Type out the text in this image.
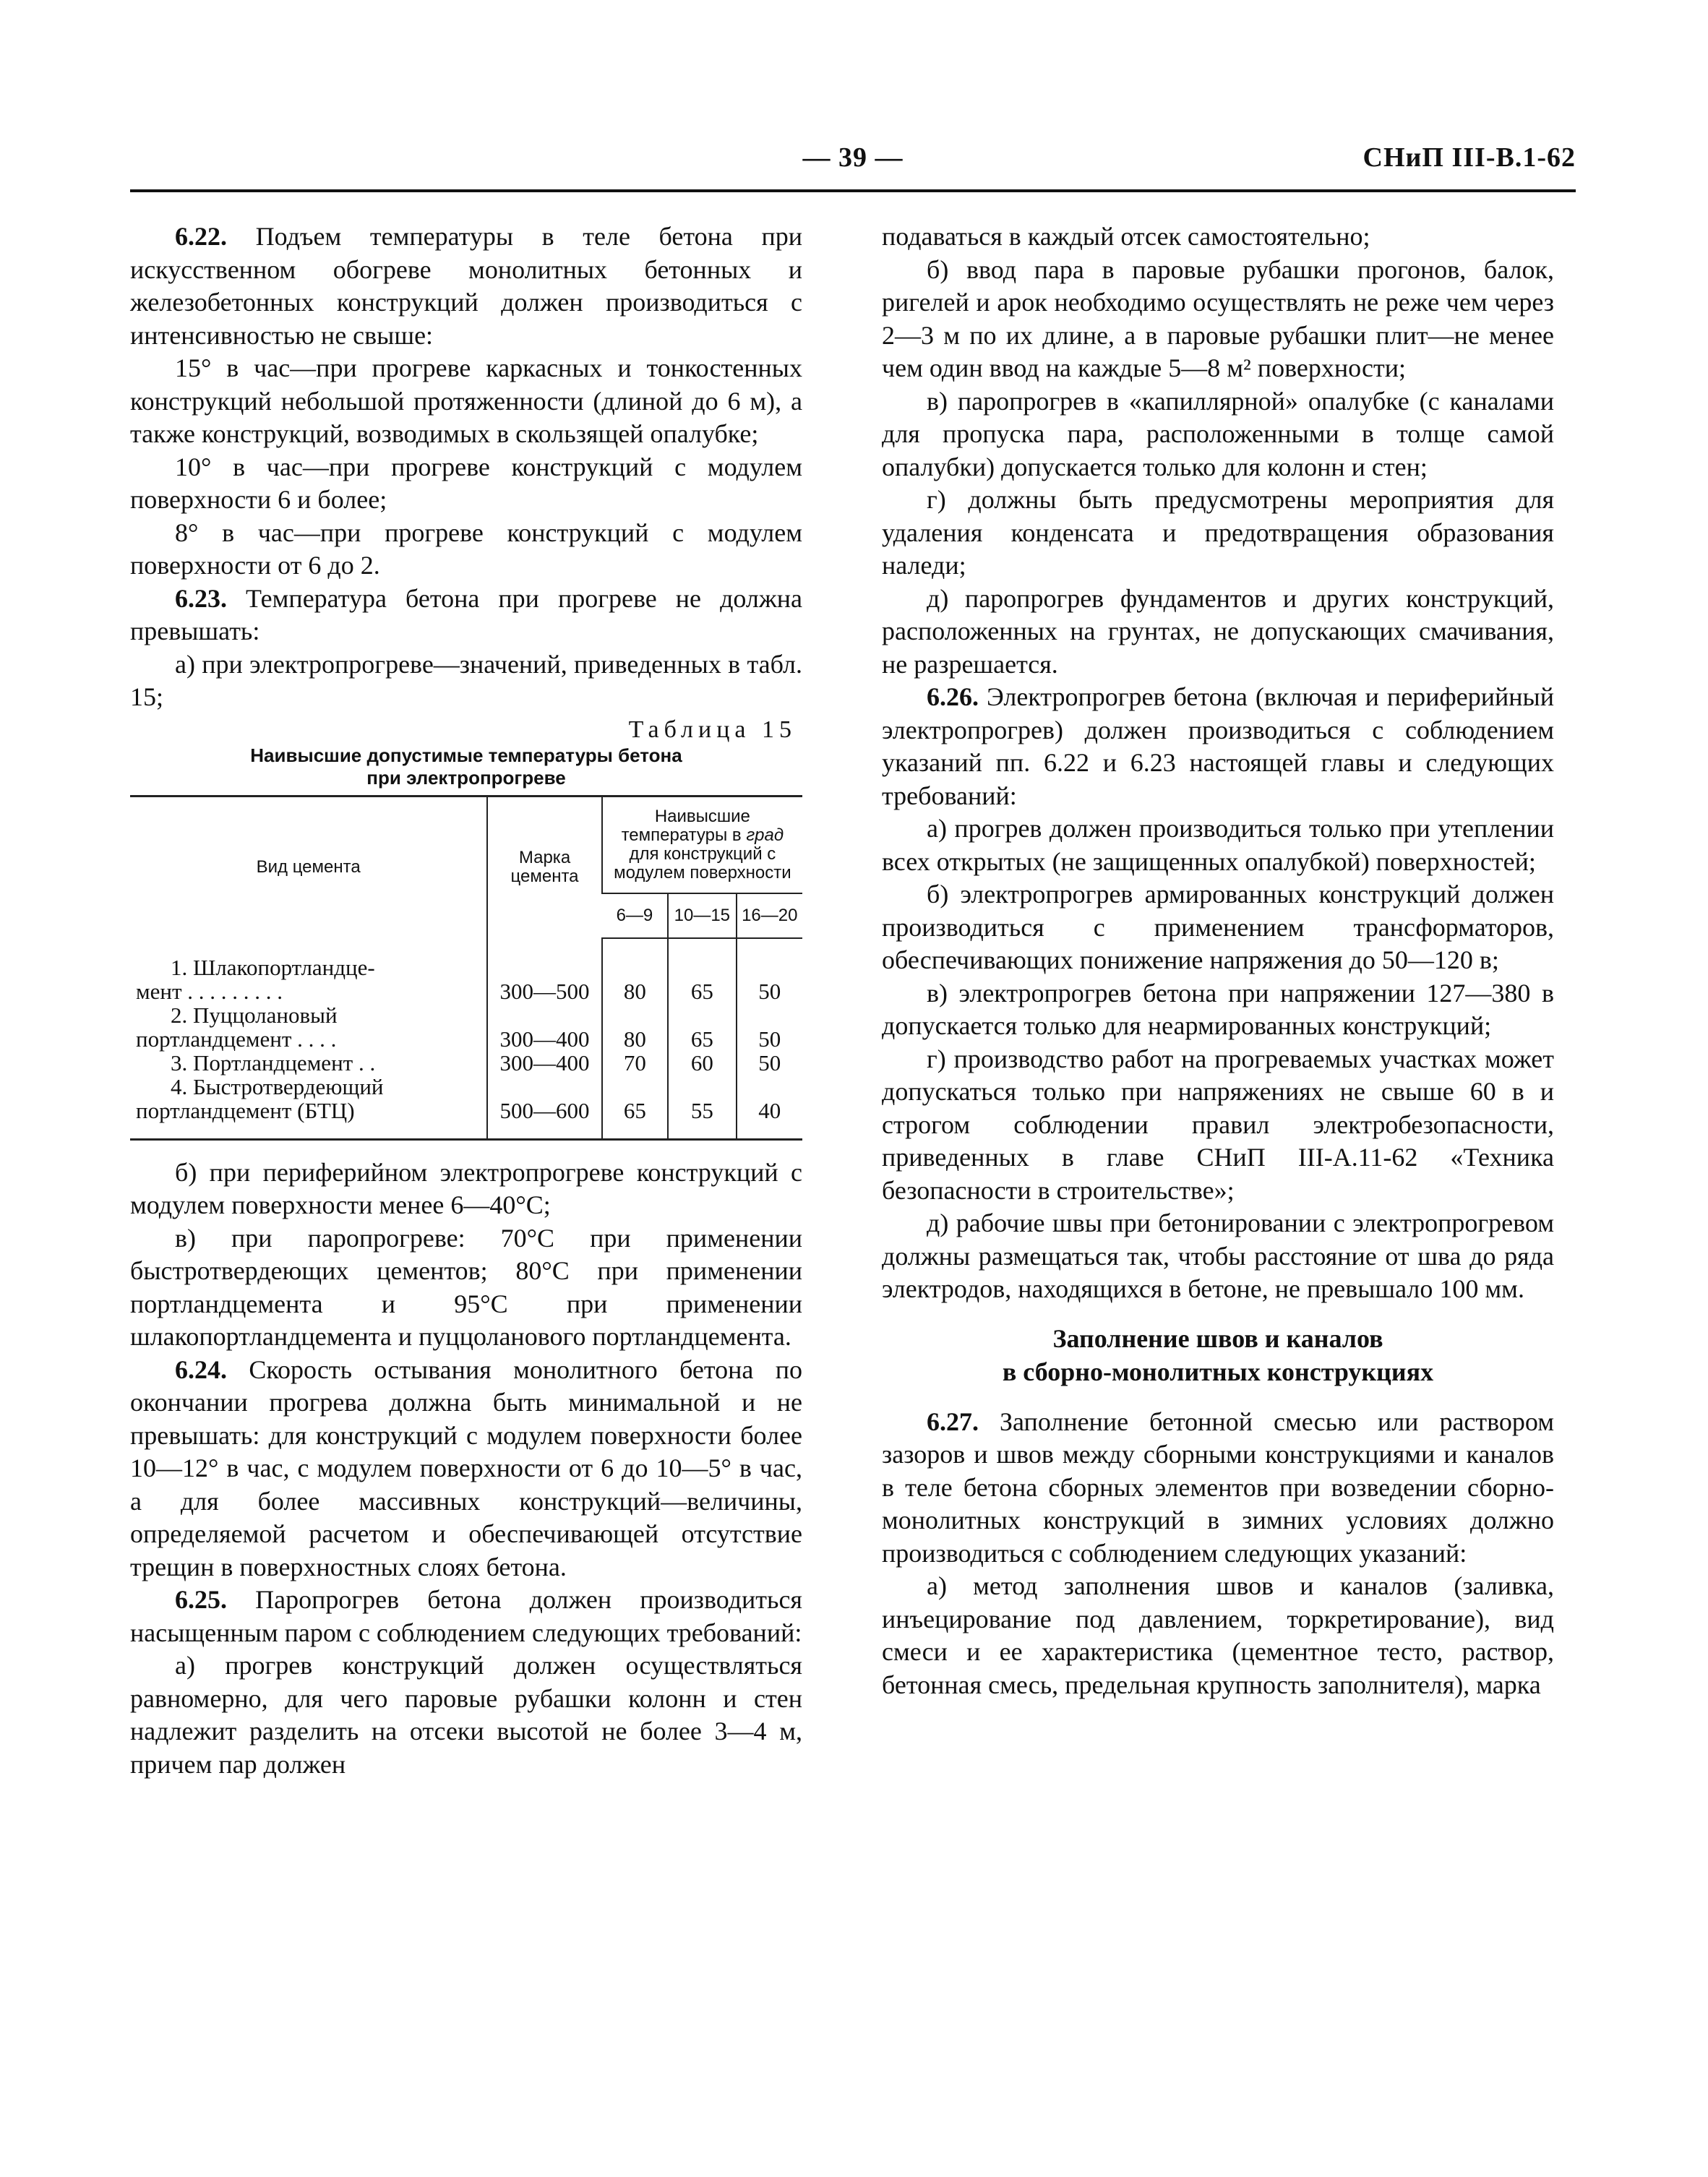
— 39 —	СНиП III-В.1-62

6.22. Подъем температуры в теле бетона при искусственном обогреве монолитных бетонных и железобетонных конструкций должен производиться с интенсивностью не свыше:

15° в час—при прогреве каркасных и тонкостенных конструкций небольшой протяженности (длиной до 6 м), а также конструкций, возводимых в скользящей опалубке;

10° в час—при прогреве конструкций с модулем поверхности 6 и более;

8° в час—при прогреве конструкций с модулем поверхности от 6 до 2.

6.23. Температура бетона при прогреве не должна превышать:

а) при электропрогреве—значений, приведенных в табл. 15;

Таблица 15
Наивысшие допустимые температуры бетона
при электропрогреве
Вид цемента	Марка цемента	Наивысшие температуры в град для конструкций с модулем поверхности		
		6—9	10—15	16—20

1. Шлакопортландце-
мент . . . . . . . . .	300—500	80	65	50

2. Пуццолановый
портландцемент . . . .	300—400	80	65	50

3. Портландцемент . .	300—400	70	60	50

4. Быстротвердеющий
портландцемент (БТЦ)	500—600	65	55	40

б) при периферийном электропрогреве конструкций с модулем поверхности менее 6—40°С;

в) при паропрогреве: 70°С при применении быстротвердеющих цементов; 80°С при применении портландцемента и 95°С при применении шлакопортландцемента и пуццоланового портландцемента.

6.24. Скорость остывания монолитного бетона по окончании прогрева должна быть минимальной и не превышать: для конструкций с модулем поверхности более 10—12° в час, с модулем поверхности от 6 до 10—5° в час, а для более массивных конструкций—величины, определяемой расчетом и обеспечивающей отсутствие трещин в поверхностных слоях бетона.

6.25. Паропрогрев бетона должен производиться насыщенным паром с соблюдением следующих требований:

а) прогрев конструкций должен осуществляться равномерно, для чего паровые рубашки колонн и стен надлежит разделить на отсеки высотой не более 3—4 м, причем пар должен

подаваться в каждый отсек самостоятельно;

б) ввод пара в паровые рубашки прогонов, балок, ригелей и арок необходимо осуществлять не реже чем через 2—3 м по их длине, а в паровые рубашки плит—не менее чем один ввод на каждые 5—8 м² поверхности;

в) паропрогрев в «капиллярной» опалубке (с каналами для пропуска пара, расположенными в толще самой опалубки) допускается только для колонн и стен;

г) должны быть предусмотрены мероприятия для удаления конденсата и предотвращения образования наледи;

д) паропрогрев фундаментов и других конструкций, расположенных на грунтах, не допускающих смачивания, не разрешается.

6.26. Электропрогрев бетона (включая и периферийный электропрогрев) должен производиться с соблюдением указаний пп. 6.22 и 6.23 настоящей главы и следующих требований:

а) прогрев должен производиться только при утеплении всех открытых (не защищенных опалубкой) поверхностей;

б) электропрогрев армированных конструкций должен производиться с применением трансформаторов, обеспечивающих понижение напряжения до 50—120 в;

в) электропрогрев бетона при напряжении 127—380 в допускается только для неармированных конструкций;

г) производство работ на прогреваемых участках может допускаться только при напряжениях не свыше 60 в и строгом соблюдении правил электробезопасности, приведенных в главе СНиП III-А.11-62 «Техника безопасности в строительстве»;

д) рабочие швы при бетонировании с электропрогревом должны размещаться так, чтобы расстояние от шва до ряда электродов, находящихся в бетоне, не превышало 100 мм.

Заполнение швов и каналов
в сборно-монолитных конструкциях

6.27. Заполнение бетонной смесью или раствором зазоров и швов между сборными конструкциями и каналов в теле бетона сборных элементов при возведении сборно-монолитных конструкций в зимних условиях должно производиться с соблюдением следующих указаний:

а) метод заполнения швов и каналов (заливка, инъецирование под давлением, торкретирование), вид смеси и ее характеристика (цементное тесто, раствор, бетонная смесь, предельная крупность заполнителя), марка
